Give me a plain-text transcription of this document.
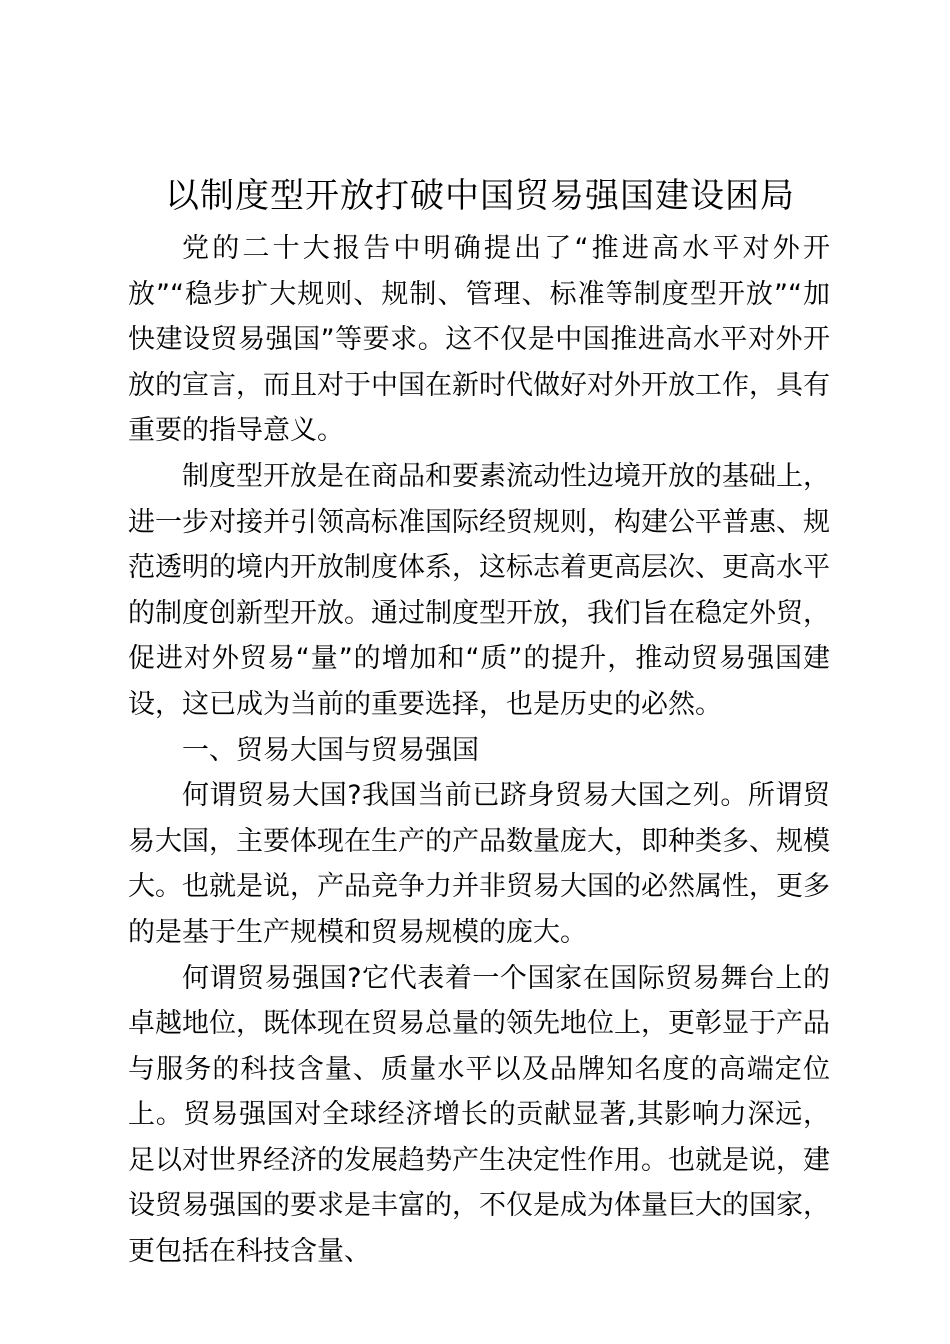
以制度型开放打破中国贸易强国建设困局

党的二十大报告中明确提出了“推进高水平对外开放”“稳步扩大规则、规制、管理、标准等制度型开放”“加快建设贸易强国”等要求。这不仅是中国推进高水平对外开放的宣言，而且对于中国在新时代做好对外开放工作，具有重要的指导意义。

制度型开放是在商品和要素流动性边境开放的基础上，进一步对接并引领高标准国际经贸规则，构建公平普惠、规范透明的境内开放制度体系，这标志着更高层次、更高水平的制度创新型开放。通过制度型开放，我们旨在稳定外贸，促进对外贸易“量”的增加和“质”的提升，推动贸易强国建设，这已成为当前的重要选择，也是历史的必然。

一、贸易大国与贸易强国

何谓贸易大国?我国当前已跻身贸易大国之列。所谓贸易大国，主要体现在生产的产品数量庞大，即种类多、规模大。也就是说，产品竞争力并非贸易大国的必然属性，更多的是基于生产规模和贸易规模的庞大。

何谓贸易强国?它代表着一个国家在国际贸易舞台上的卓越地位，既体现在贸易总量的领先地位上，更彰显于产品与服务的科技含量、质量水平以及品牌知名度的高端定位上。贸易强国对全球经济增长的贡献显著,其影响力深远，足以对世界经济的发展趋势产生决定性作用。也就是说，建设贸易强国的要求是丰富的，不仅是成为体量巨大的国家，更包括在科技含量、
